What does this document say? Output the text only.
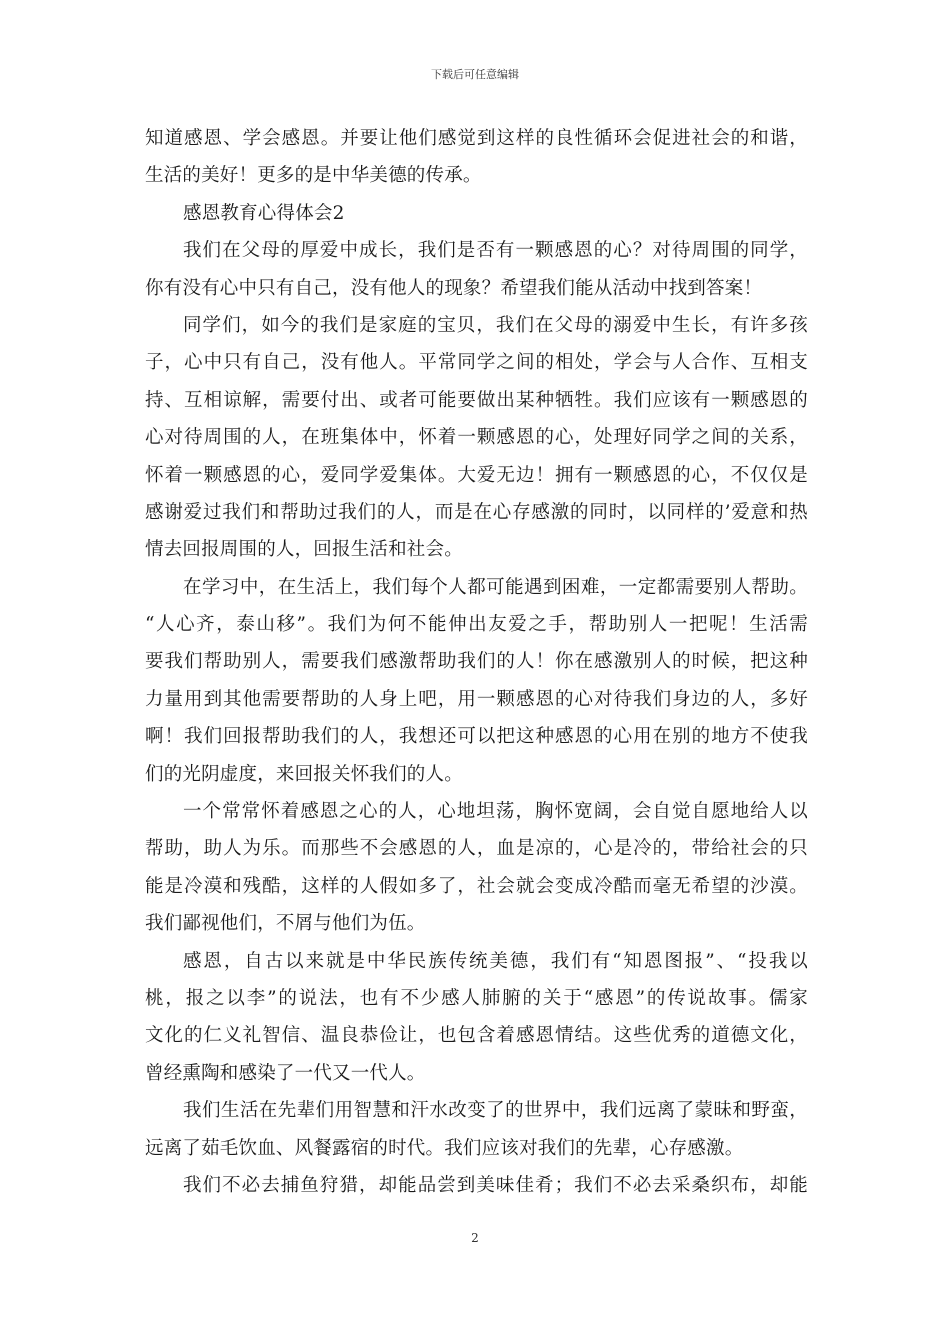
下载后可任意编辑
知道感恩、学会感恩。并要让他们感觉到这样的良性循环会促进社会的和谐，
生活的美好！更多的是中华美德的传承。
感恩教育心得体会2
我们在父母的厚爱中成长，我们是否有一颗感恩的心？对待周围的同学，
你有没有心中只有自己，没有他人的现象？希望我们能从活动中找到答案！
同学们，如今的我们是家庭的宝贝，我们在父母的溺爱中生长，有许多孩
子，心中只有自己，没有他人。平常同学之间的相处，学会与人合作、互相支
持、互相谅解，需要付出、或者可能要做出某种牺牲。我们应该有一颗感恩的
心对待周围的人，在班集体中，怀着一颗感恩的心，处理好同学之间的关系，
怀着一颗感恩的心，爱同学爱集体。大爱无边！拥有一颗感恩的心，不仅仅是
感谢爱过我们和帮助过我们的人，而是在心存感激的同时，以同样的’爱意和热
情去回报周围的人，回报生活和社会。
在学习中，在生活上，我们每个人都可能遇到困难，一定都需要别人帮助。
“人心齐，泰山移”。我们为何不能伸出友爱之手，帮助别人一把呢！生活需
要我们帮助别人，需要我们感激帮助我们的人！你在感激别人的时候，把这种
力量用到其他需要帮助的人身上吧，用一颗感恩的心对待我们身边的人，多好
啊！我们回报帮助我们的人，我想还可以把这种感恩的心用在别的地方不使我
们的光阴虚度，来回报关怀我们的人。
一个常常怀着感恩之心的人，心地坦荡，胸怀宽阔，会自觉自愿地给人以
帮助，助人为乐。而那些不会感恩的人，血是凉的，心是冷的，带给社会的只
能是冷漠和残酷，这样的人假如多了，社会就会变成冷酷而毫无希望的沙漠。
我们鄙视他们，不屑与他们为伍。
感恩，自古以来就是中华民族传统美德，我们有“知恩图报”、“投我以
桃，报之以李”的说法，也有不少感人肺腑的关于“感恩”的传说故事。儒家
文化的仁义礼智信、温良恭俭让，也包含着感恩情结。这些优秀的道德文化，
曾经熏陶和感染了一代又一代人。
我们生活在先辈们用智慧和汗水改变了的世界中，我们远离了蒙昧和野蛮，
远离了茹毛饮血、风餐露宿的时代。我们应该对我们的先辈，心存感激。
我们不必去捕鱼狩猎，却能品尝到美味佳肴；我们不必去采桑织布，却能
2
